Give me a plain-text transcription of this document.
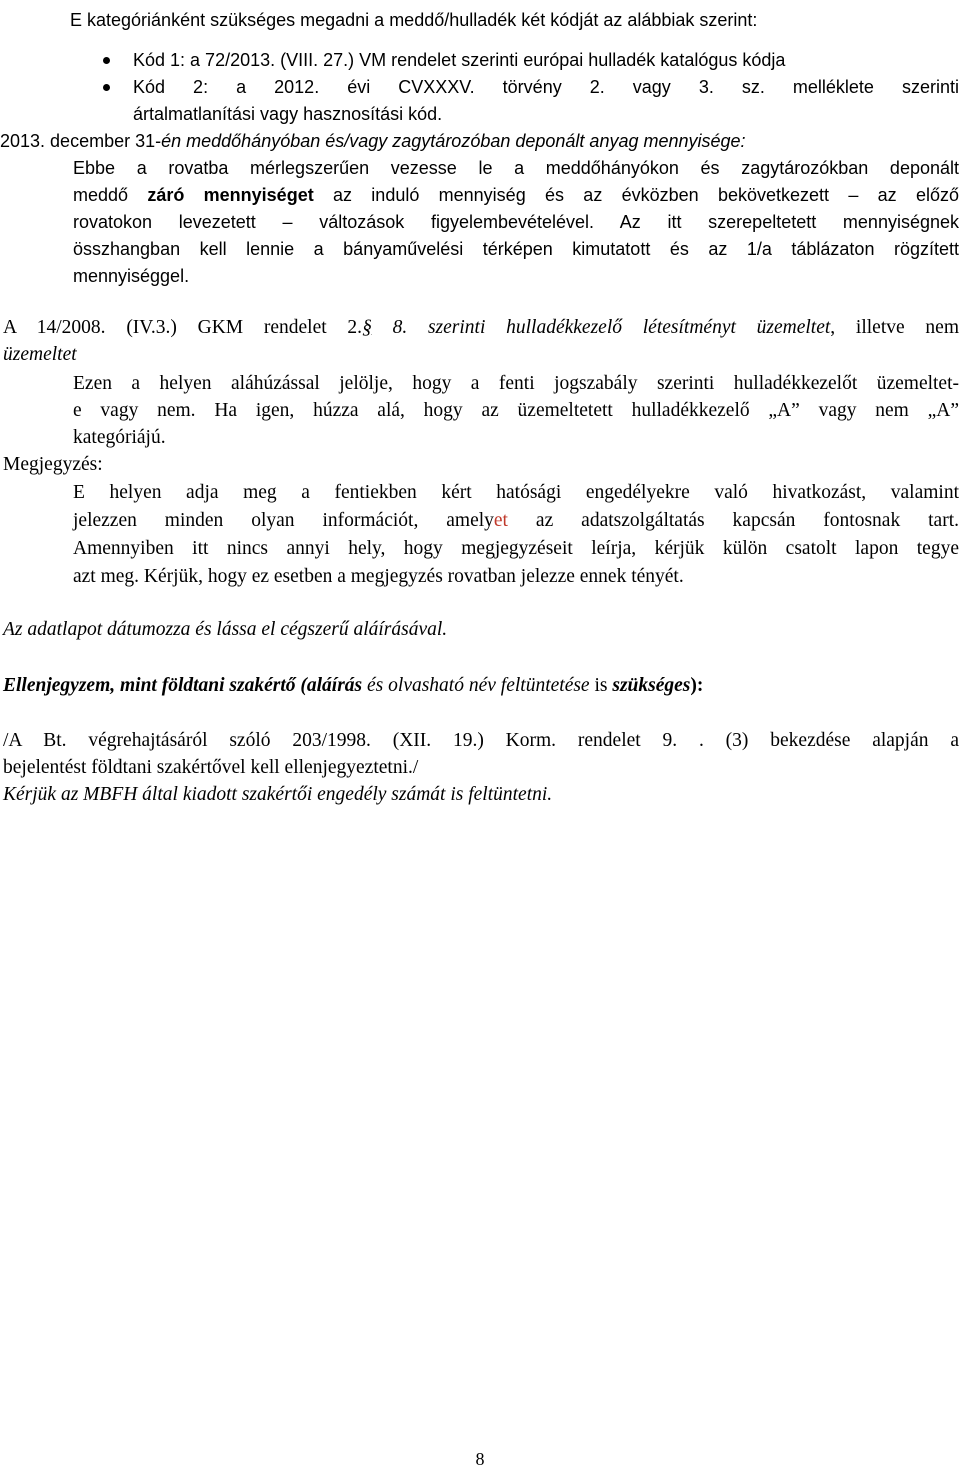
E kategóriánként szükséges megadni a meddő/hulladék két kódját az alábbiak szerint:
Kód 1: a 72/2013. (VIII. 27.) VM rendelet szerinti európai hulladék katalógus kódja
Kód 2: a 2012. évi CVXXXV. törvény 2. vagy 3. sz. melléklete szerinti
ártalmatlanítási vagy hasznosítási kód.
2013. december 31-én meddőhányóban és/vagy zagytározóban deponált anyag mennyisége:
Ebbe a rovatba mérlegszerűen vezesse le a meddőhányókon és zagytározókban deponált
meddő záró mennyiséget az induló mennyiség és az évközben bekövetkezett – az előző
rovatokon levezetett – változások figyelembevételével. Az itt szerepeltetett mennyiségnek
összhangban kell lennie a bányaművelési térképen kimutatott és az 1/a táblázaton rögzített
mennyiséggel.
A 14/2008. (IV.3.) GKM rendelet 2.§ 8. szerinti hulladékkezelő létesítményt üzemeltet, illetve nem
üzemeltet
Ezen a helyen aláhúzással jelölje, hogy a fenti jogszabály szerinti hulladékkezelőt üzemeltet-
e vagy nem. Ha igen, húzza alá, hogy az üzemeltetett hulladékkezelő „A” vagy nem „A”
kategóriájú.
Megjegyzés:
E helyen adja meg a fentiekben kért hatósági engedélyekre való hivatkozást, valamint
jelezzen minden olyan információt, amelyet az adatszolgáltatás kapcsán fontosnak tart.
Amennyiben itt nincs annyi hely, hogy megjegyzéseit leírja, kérjük külön csatolt lapon tegye
azt meg. Kérjük, hogy ez esetben a megjegyzés rovatban jelezze ennek tényét.
Az adatlapot dátumozza és lássa el cégszerű aláírásával.
Ellenjegyzem, mint földtani szakértő (aláírás és olvasható név feltüntetése is szükséges):
/A Bt. végrehajtásáról szóló 203/1998. (XII. 19.) Korm. rendelet 9. . (3) bekezdése alapján a
bejelentést földtani szakértővel kell ellenjegyeztetni./
Kérjük az MBFH által kiadott szakértői engedély számát is feltüntetni.
8
